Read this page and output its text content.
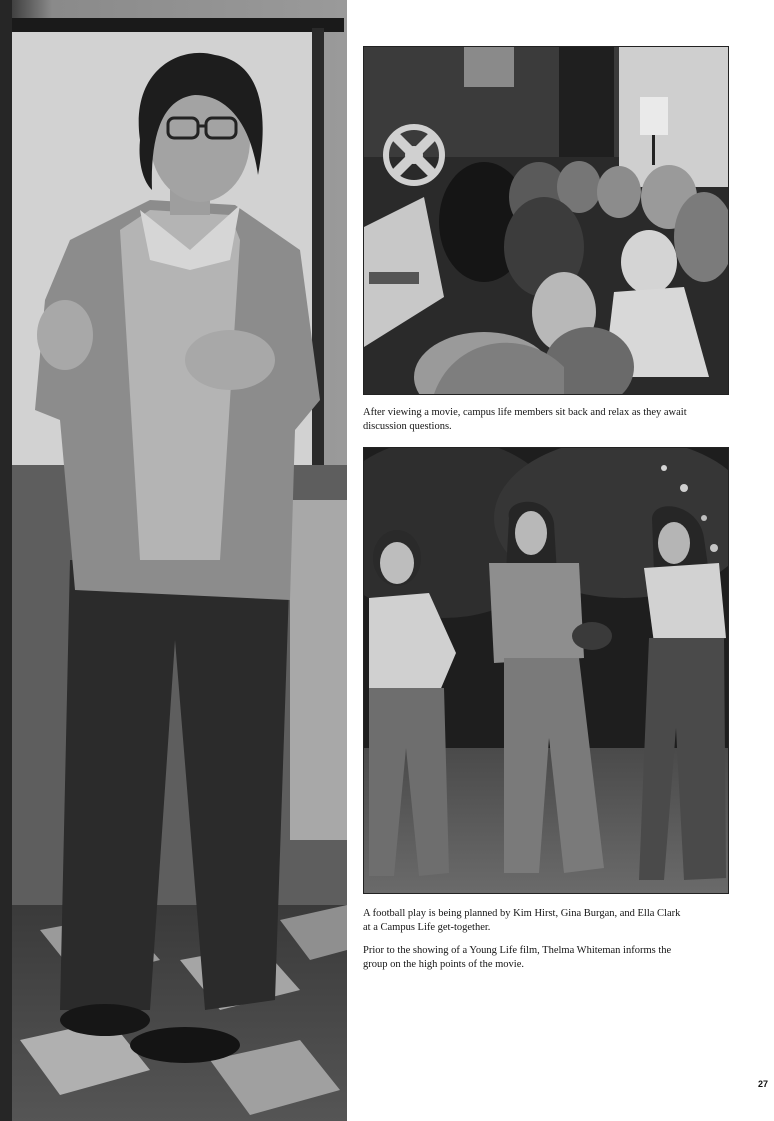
After viewing a movie, campus life members sit back and relax as they await discussion questions.

A football play is being planned by Kim Hirst, Gina Burgan, and Ella Clark at a Campus Life get-together.

Prior to the showing of a Young Life film, Thelma Whiteman informs the group on the high points of the movie.

27
